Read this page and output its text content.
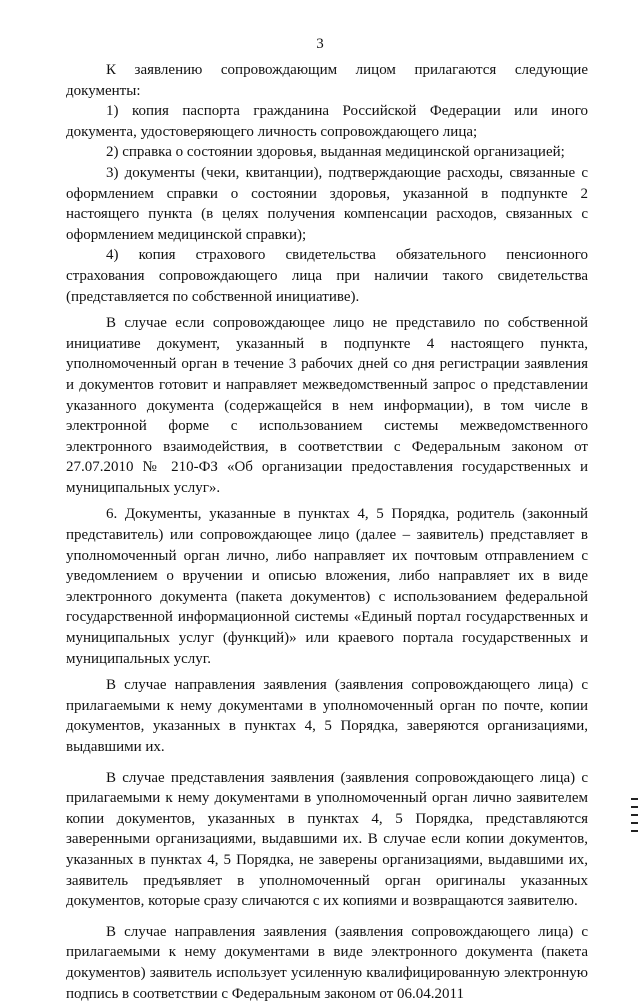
3

К заявлению сопровождающим лицом прилагаются следующие документы:

1) копия паспорта гражданина Российской Федерации или иного документа, удостоверяющего личность сопровождающего лица;

2) справка о состоянии здоровья, выданная медицинской организацией;

3) документы (чеки, квитанции), подтверждающие расходы, связанные с оформлением справки о состоянии здоровья, указанной в подпункте 2 настоящего пункта (в целях получения компенсации расходов, связанных с оформлением медицинской справки);

4) копия страхового свидетельства обязательного пенсионного страхования сопровождающего лица при наличии такого свидетельства (представляется по собственной инициативе).

В случае если сопровождающее лицо не представило по собственной инициативе документ, указанный в подпункте 4 настоящего пункта, уполномоченный орган в течение 3 рабочих дней со дня регистрации заявления и документов готовит и направляет межведомственный запрос о представлении указанного документа (содержащейся в нем информации), в том числе в электронной форме с использованием системы межведомственного электронного взаимодействия, в соответствии с Федеральным законом от 27.07.2010 № 210-ФЗ «Об организации предоставления государственных и муниципальных услуг».

6. Документы, указанные в пунктах 4, 5 Порядка, родитель (законный представитель) или сопровождающее лицо (далее – заявитель) представляет в уполномоченный орган лично, либо направляет их почтовым отправлением с уведомлением о вручении и описью вложения, либо направляет их в виде электронного документа (пакета документов) с использованием федеральной государственной информационной системы «Единый портал государственных и муниципальных услуг (функций)» или краевого портала государственных и муниципальных услуг.

В случае направления заявления (заявления сопровождающего лица) с прилагаемыми к нему документами в уполномоченный орган по почте, копии документов, указанных в пунктах 4, 5 Порядка, заверяются организациями, выдавшими их.

В случае представления заявления (заявления сопровождающего лица) с прилагаемыми к нему документами в уполномоченный орган лично заявителем копии документов, указанных в пунктах 4, 5 Порядка, представляются заверенными организациями, выдавшими их. В случае если копии документов, указанных в пунктах 4, 5 Порядка, не заверены организациями, выдавшими их, заявитель предъявляет в уполномоченный орган оригиналы указанных документов, которые сразу сличаются с их копиями и возвращаются заявителю.

В случае направления заявления (заявления сопровождающего лица) с прилагаемыми к нему документами в виде электронного документа (пакета документов) заявитель использует усиленную квалифицированную электронную подпись в соответствии с Федеральным законом от 06.04.2011
